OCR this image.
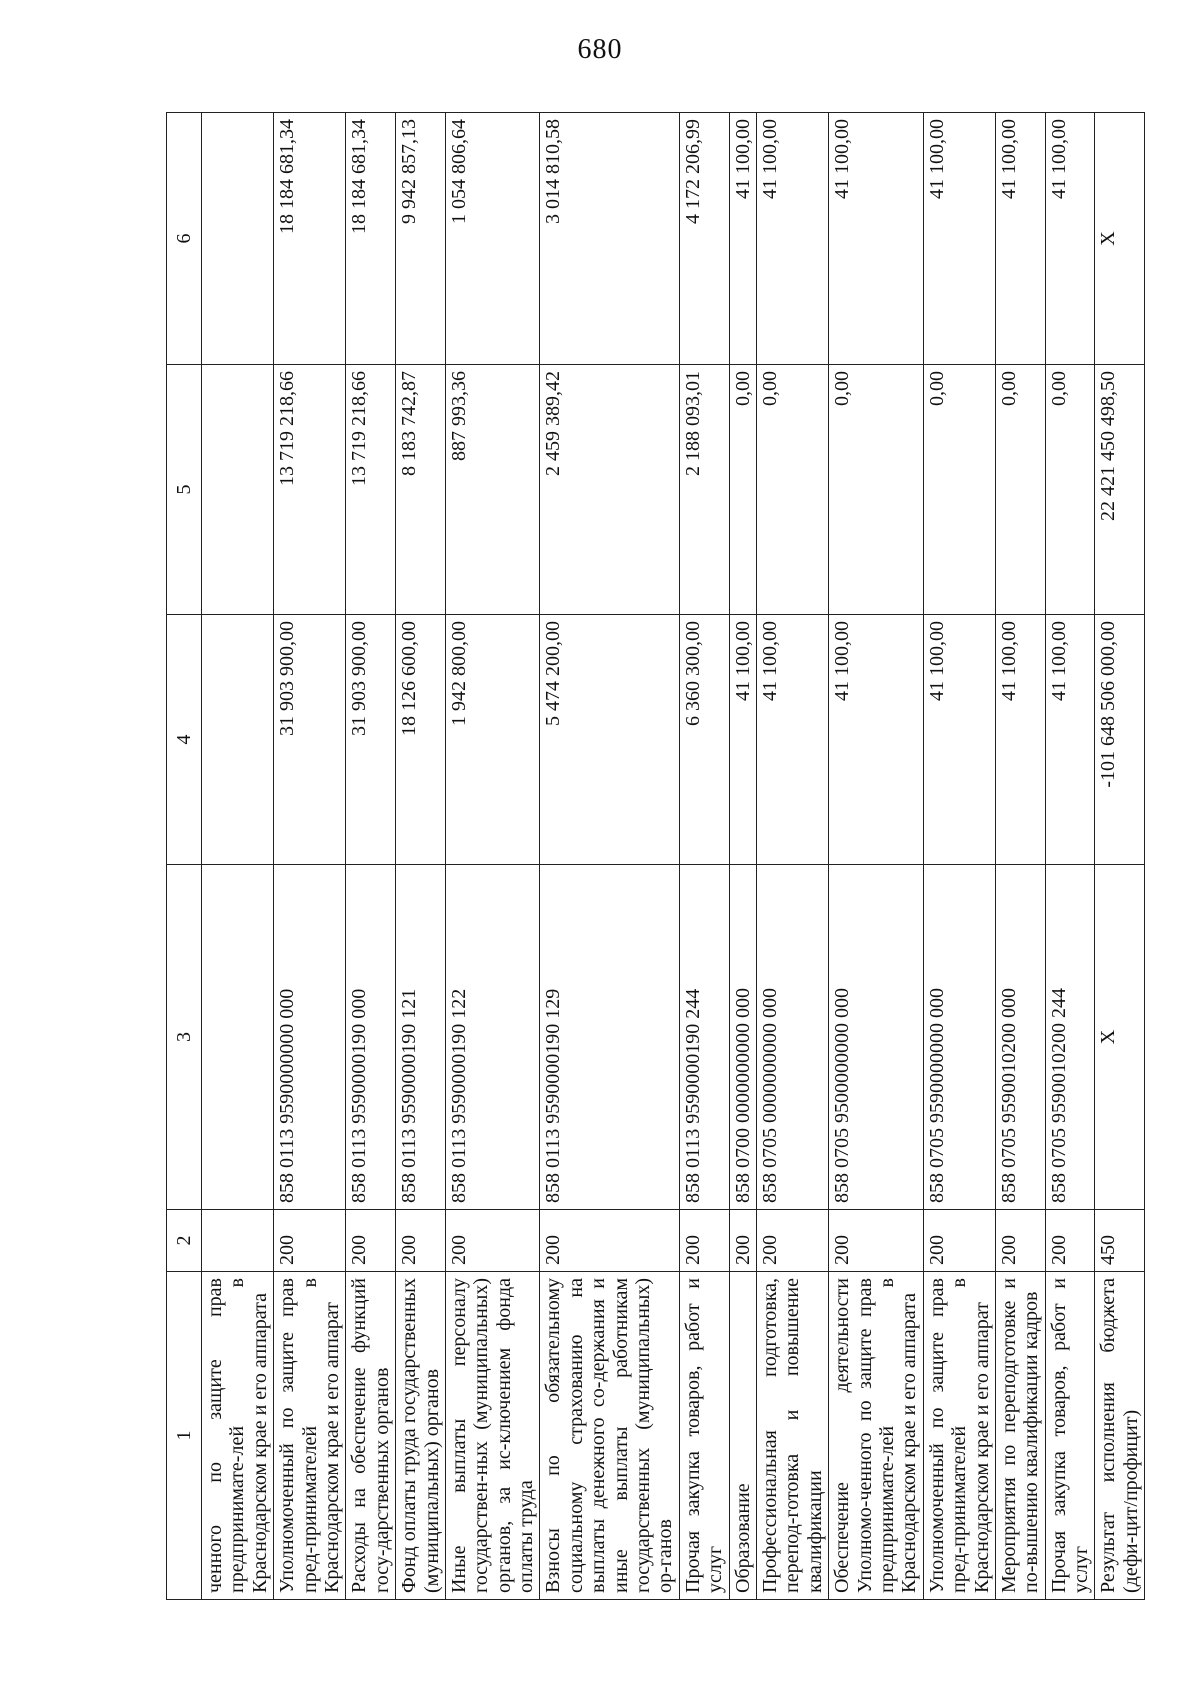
680
1	2	3	4	5	6
ченного по защите прав предпринимате-лей в Краснодарском крае и его аппарата					
Уполномоченный по защите прав пред-принимателей в Краснодарском крае и его аппарат	200	858 0113 9590000000 000	31 903 900,00	13 719 218,66	18 184 681,34
Расходы на обеспечение функций госу-дарственных органов	200	858 0113 9590000190 000	31 903 900,00	13 719 218,66	18 184 681,34
Фонд оплаты труда государственных (муниципальных) органов	200	858 0113 9590000190 121	18 126 600,00	8 183 742,87	9 942 857,13
Иные выплаты персоналу государствен-ных (муниципальных) органов, за ис-ключением фонда оплаты труда	200	858 0113 9590000190 122	1 942 800,00	887 993,36	1 054 806,64
Взносы по обязательному социальному страхованию на выплаты денежного со-держания и иные выплаты работникам государственных (муниципальных) ор-ганов	200	858 0113 9590000190 129	5 474 200,00	2 459 389,42	3 014 810,58
Прочая закупка товаров, работ и услуг	200	858 0113 9590000190 244	6 360 300,00	2 188 093,01	4 172 206,99
Образование	200	858 0700 0000000000 000	41 100,00	0,00	41 100,00
Профессиональная подготовка, перепод-готовка и повышение квалификации	200	858 0705 0000000000 000	41 100,00	0,00	41 100,00
Обеспечение деятельности Уполномо-ченного по защите прав предпринимате-лей в Краснодарском крае и его аппарата	200	858 0705 9500000000 000	41 100,00	0,00	41 100,00
Уполномоченный по защите прав пред-принимателей в Краснодарском крае и его аппарат	200	858 0705 9590000000 000	41 100,00	0,00	41 100,00
Мероприятия по переподготовке и по-вышению квалификации кадров	200	858 0705 9590010200 000	41 100,00	0,00	41 100,00
Прочая закупка товаров, работ и услуг	200	858 0705 9590010200 244	41 100,00	0,00	41 100,00
Результат исполнения бюджета (дефи-цит/профицит)	450	X	-101 648 506 000,00	22 421 450 498,50	X
